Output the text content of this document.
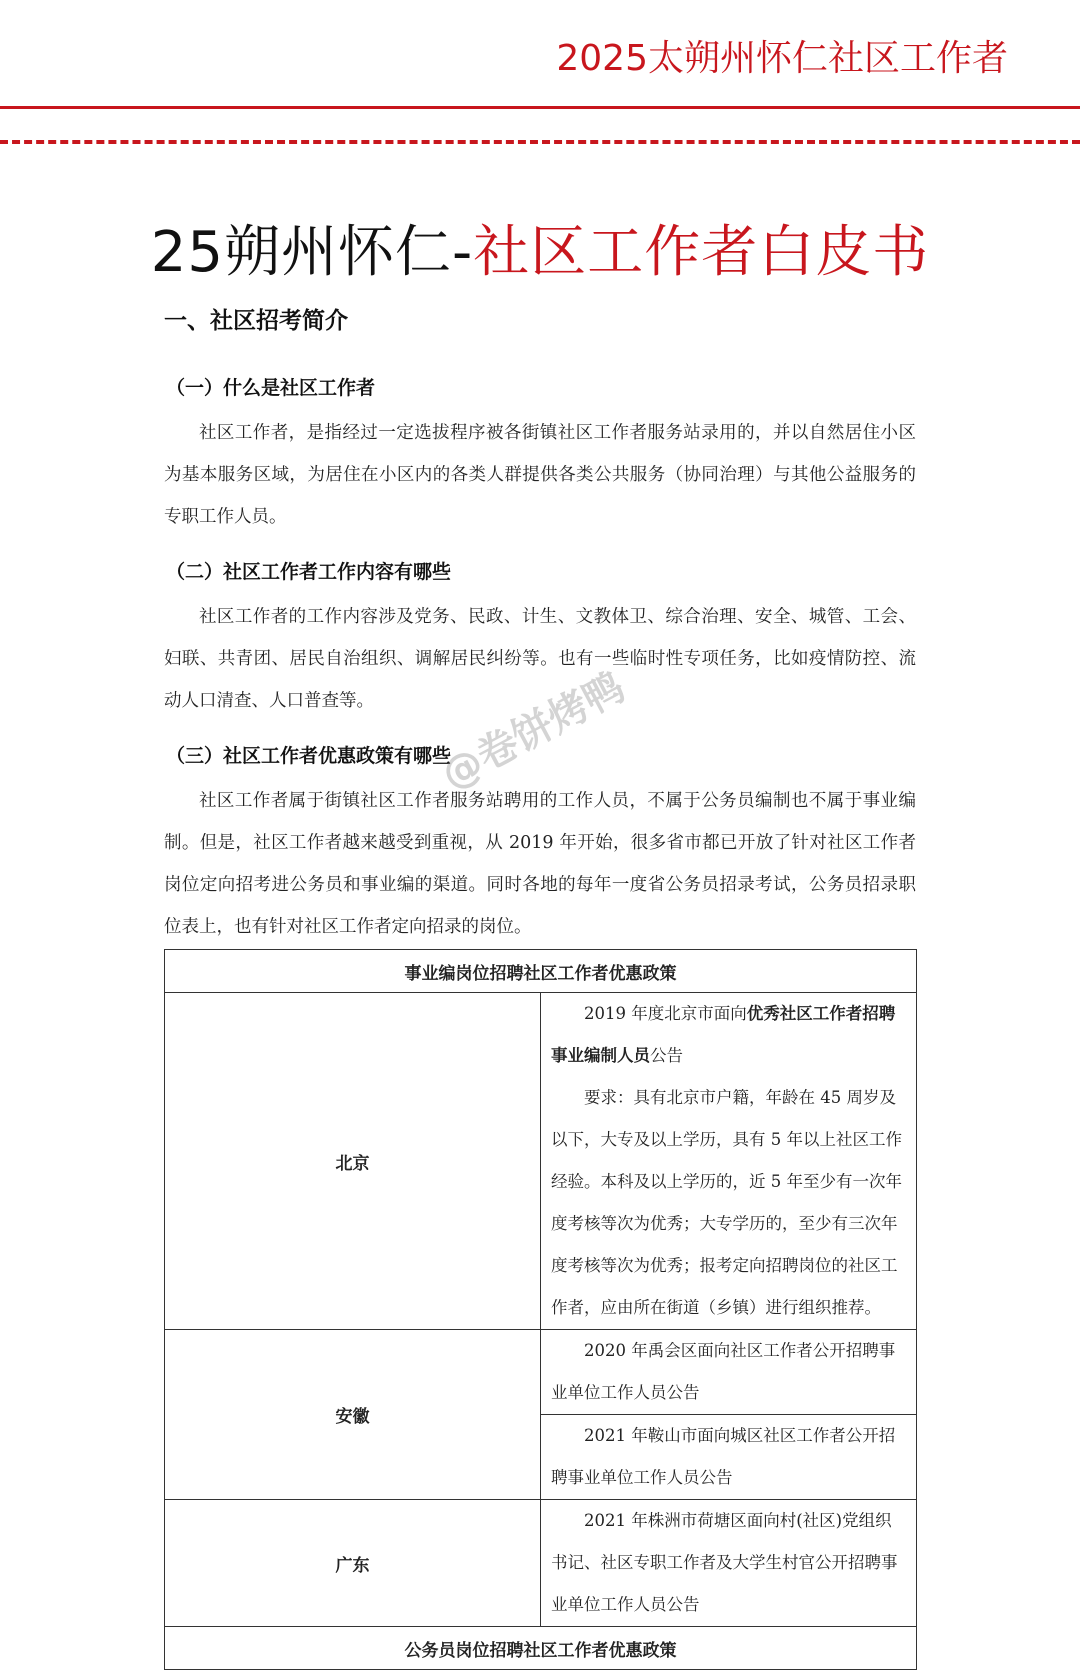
2025太朔州怀仁社区工作者
25朔州怀仁-社区工作者白皮书
一、社区招考简介
（一）什么是社区工作者
社区工作者，是指经过一定选拔程序被各街镇社区工作者服务站录用的，并以自然居住小区为基本服务区域，为居住在小区内的各类人群提供各类公共服务（协同治理）与其他公益服务的专职工作人员。
（二）社区工作者工作内容有哪些
社区工作者的工作内容涉及党务、民政、计生、文教体卫、综合治理、安全、城管、工会、妇联、共青团、居民自治组织、调解居民纠纷等。也有一些临时性专项任务，比如疫情防控、流动人口清查、人口普查等。
（三）社区工作者优惠政策有哪些
社区工作者属于街镇社区工作者服务站聘用的工作人员，不属于公务员编制也不属于事业编制。但是，社区工作者越来越受到重视，从 2019 年开始，很多省市都已开放了针对社区工作者岗位定向招考进公务员和事业编的渠道。同时各地的每年一度省公务员招录考试，公务员招录职位表上，也有针对社区工作者定向招录的岗位。
@卷饼烤鸭
事业编岗位招聘社区工作者优惠政策	
北京	2019 年度北京市面向优秀社区工作者招聘事业编制人员公告
要求：具有北京市户籍，年龄在 45 周岁及以下，大专及以上学历，具有 5 年以上社区工作经验。本科及以上学历的，近 5 年至少有一次年度考核等次为优秀；大专学历的，至少有三次年度考核等次为优秀；报考定向招聘岗位的社区工作者，应由所在街道（乡镇）进行组织推荐。

安徽	2020 年禹会区面向社区工作者公开招聘事业单位工作人员公告
	2021 年鞍山市面向城区社区工作者公开招聘事业单位工作人员公告
广东	2021 年株洲市荷塘区面向村(社区)党组织书记、社区专职工作者及大学生村官公开招聘事业单位工作人员公告
公务员岗位招聘社区工作者优惠政策	
